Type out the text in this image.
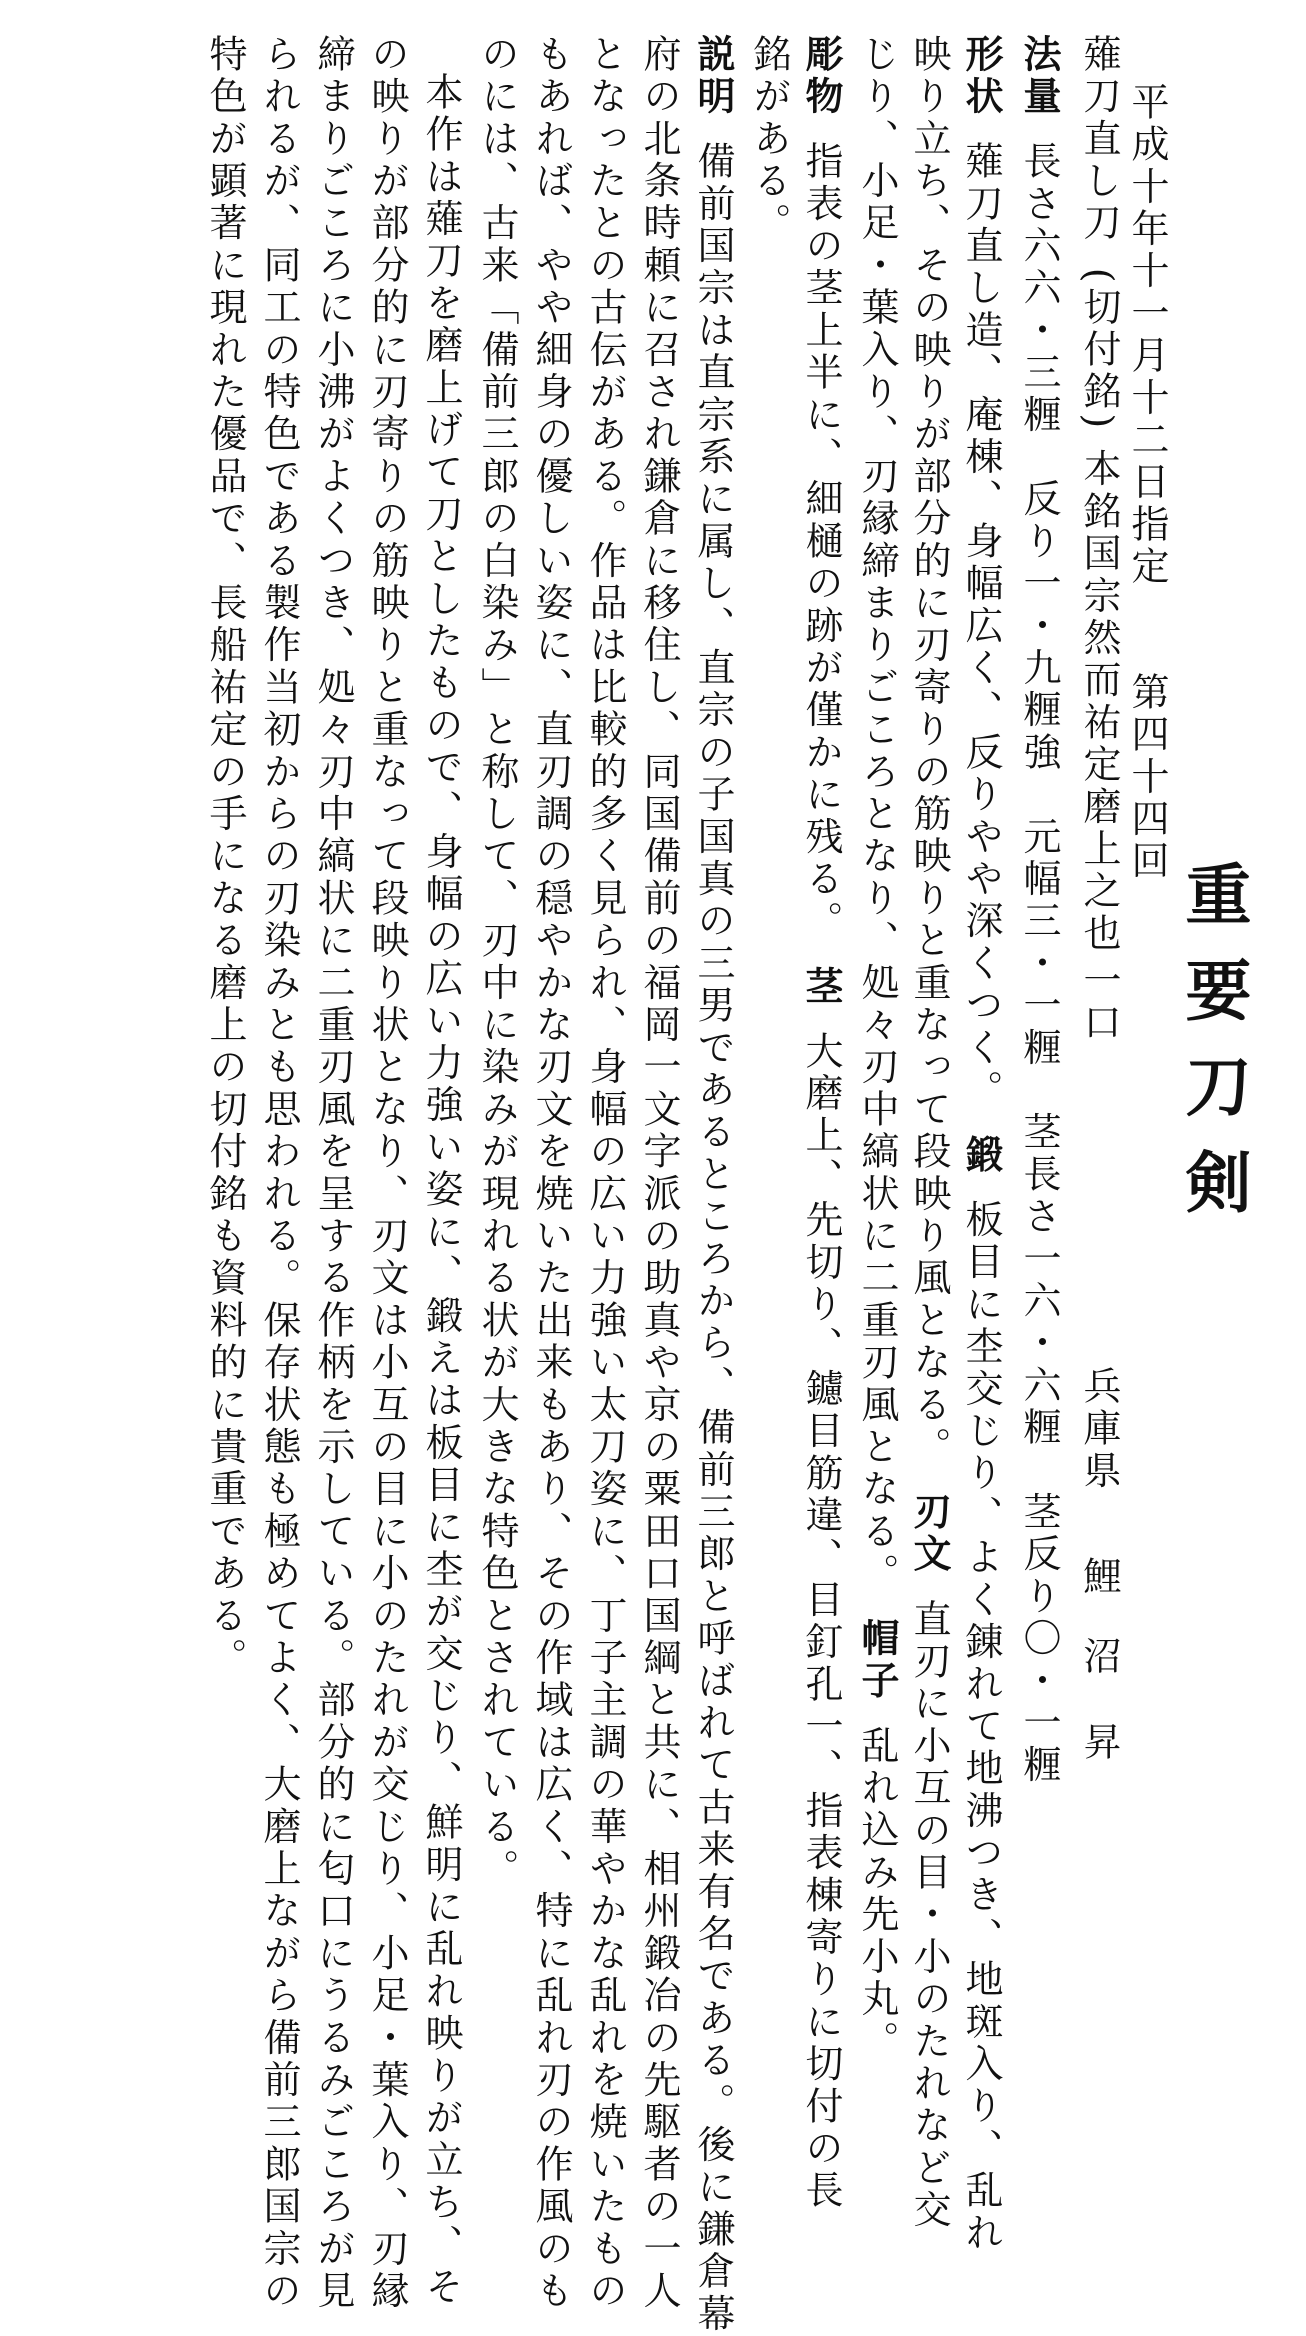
平成十年十一月十二日指定第四十四回
重要刀剣
薙刀直し刀(切付銘) 本銘国宗然而祐定磨上之也
一口
兵庫県
鯉
沼
昇
法量長さ六六・三糎　反り一・九糎強　元幅三・一糎　茎長さ一六・六糎　茎反り〇・一糎
形状薙刀直し造、庵棟、身幅広く、反りやや深くつく。鍛板目に杢交じり、よく錬れて地沸つき、地斑入り、乱れ
映り立ち、その映りが部分的に刃寄りの筋映りと重なって段映り風となる。刃文直刃に小互の目・小のたれなど交
じり、小足・葉入り、刃縁締まりごころとなり、処々刃中縞状に二重刃風となる。帽子乱れ込み先小丸。
彫物指表の茎上半に、細樋の跡が僅かに残る。茎大磨上、先切り、鑢目筋違、目釘孔一、指表棟寄りに切付の長
銘がある。
説明備前国宗は直宗系に属し、直宗の子国真の三男であるところから、備前三郎と呼ばれて古来有名である。後に鎌倉幕
府の北条時頼に召され鎌倉に移住し、同国備前の福岡一文字派の助真や京の粟田口国綱と共に、相州鍛冶の先駆者の一人
となったとの古伝がある。作品は比較的多く見られ、身幅の広い力強い太刀姿に、丁子主調の華やかな乱れを焼いたもの
もあれば、やや細身の優しい姿に、直刃調の穏やかな刃文を焼いた出来もあり、その作域は広く、特に乱れ刃の作風のも
のには、古来「備前三郎の白染み」と称して、刃中に染みが現れる状が大きな特色とされている。
本作は薙刀を磨上げて刀としたもので、身幅の広い力強い姿に、鍛えは板目に杢が交じり、鮮明に乱れ映りが立ち、そ
の映りが部分的に刃寄りの筋映りと重なって段映り状となり、刃文は小互の目に小のたれが交じり、小足・葉入り、刃縁
締まりごころに小沸がよくつき、処々刃中縞状に二重刃風を呈する作柄を示している。部分的に匂口にうるみごころが見
られるが、同工の特色である製作当初からの刃染みとも思われる。保存状態も極めてよく、大磨上ながら備前三郎国宗の
特色が顕著に現れた優品で、長船祐定の手になる磨上の切付銘も資料的に貴重である。
